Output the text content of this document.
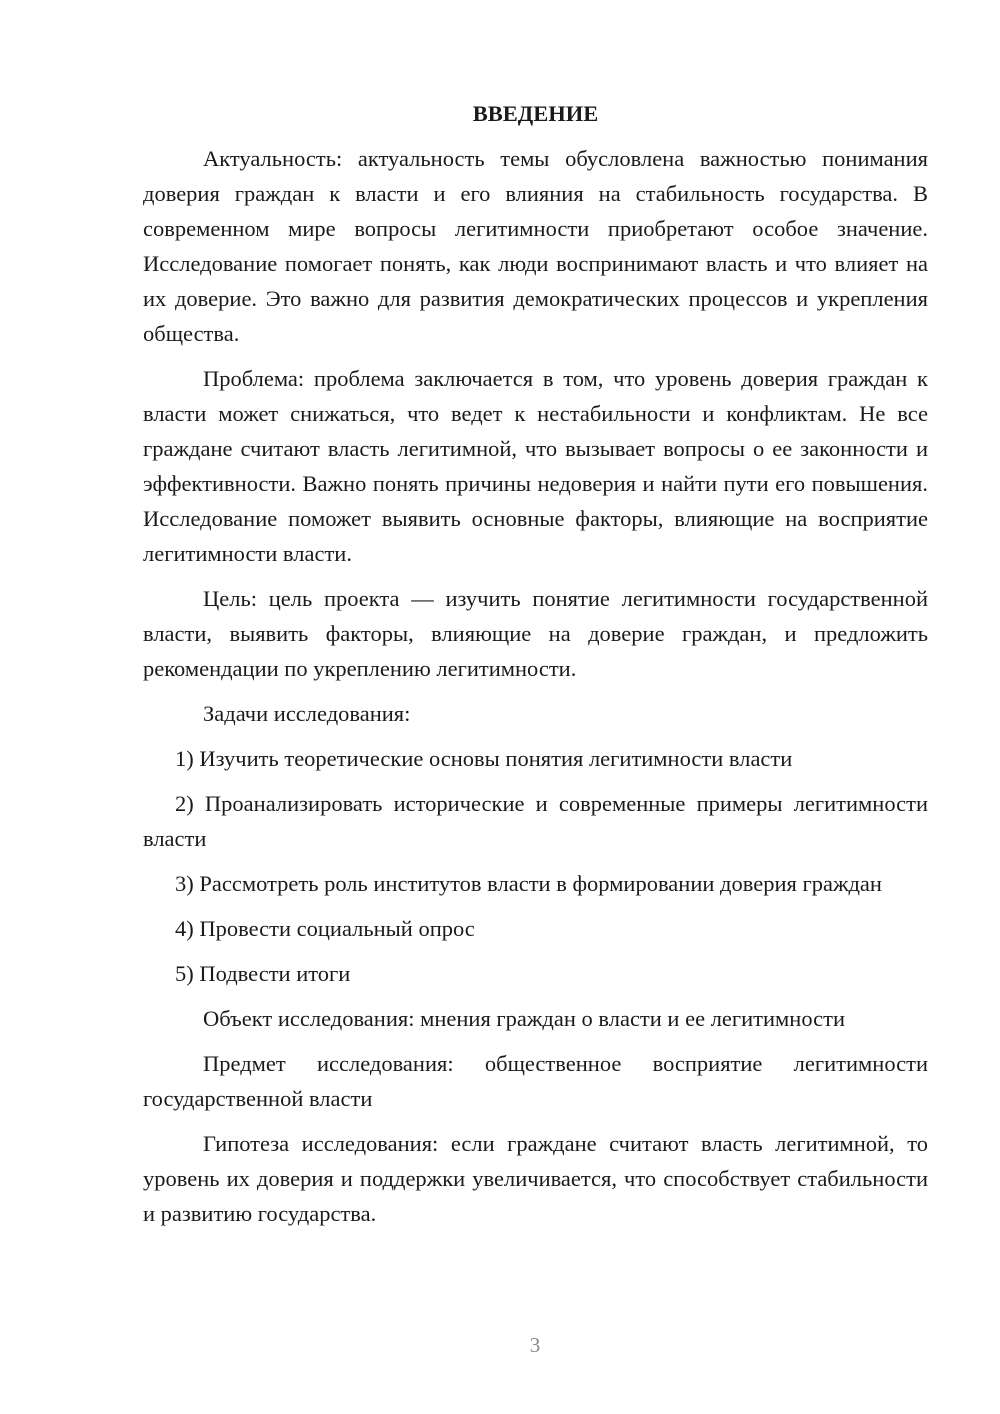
ВВЕДЕНИЕ

Актуальность: актуальность темы обусловлена важностью понимания доверия граждан к власти и его влияния на стабильность государства. В современном мире вопросы легитимности приобретают особое значение. Исследование помогает понять, как люди воспринимают власть и что влияет на их доверие. Это важно для развития демократических процессов и укрепления общества.

Проблема: проблема заключается в том, что уровень доверия граждан к власти может снижаться, что ведет к нестабильности и конфликтам. Не все граждане считают власть легитимной, что вызывает вопросы о ее законности и эффективности. Важно понять причины недоверия и найти пути его повышения. Исследование поможет выявить основные факторы, влияющие на восприятие легитимности власти.

Цель: цель проекта — изучить понятие легитимности государственной власти, выявить факторы, влияющие на доверие граждан, и предложить рекомендации по укреплению легитимности.

Задачи исследования:

1) Изучить теоретические основы понятия легитимности власти

2) Проанализировать исторические и современные примеры легитимности власти

3) Рассмотреть роль институтов власти в формировании доверия граждан

4) Провести социальный опрос

5) Подвести итоги

Объект исследования: мнения граждан о власти и ее легитимности

Предмет исследования: общественное восприятие легитимности государственной власти

Гипотеза исследования: если граждане считают власть легитимной, то уровень их доверия и поддержки увеличивается, что способствует стабильности и развитию государства.

3
